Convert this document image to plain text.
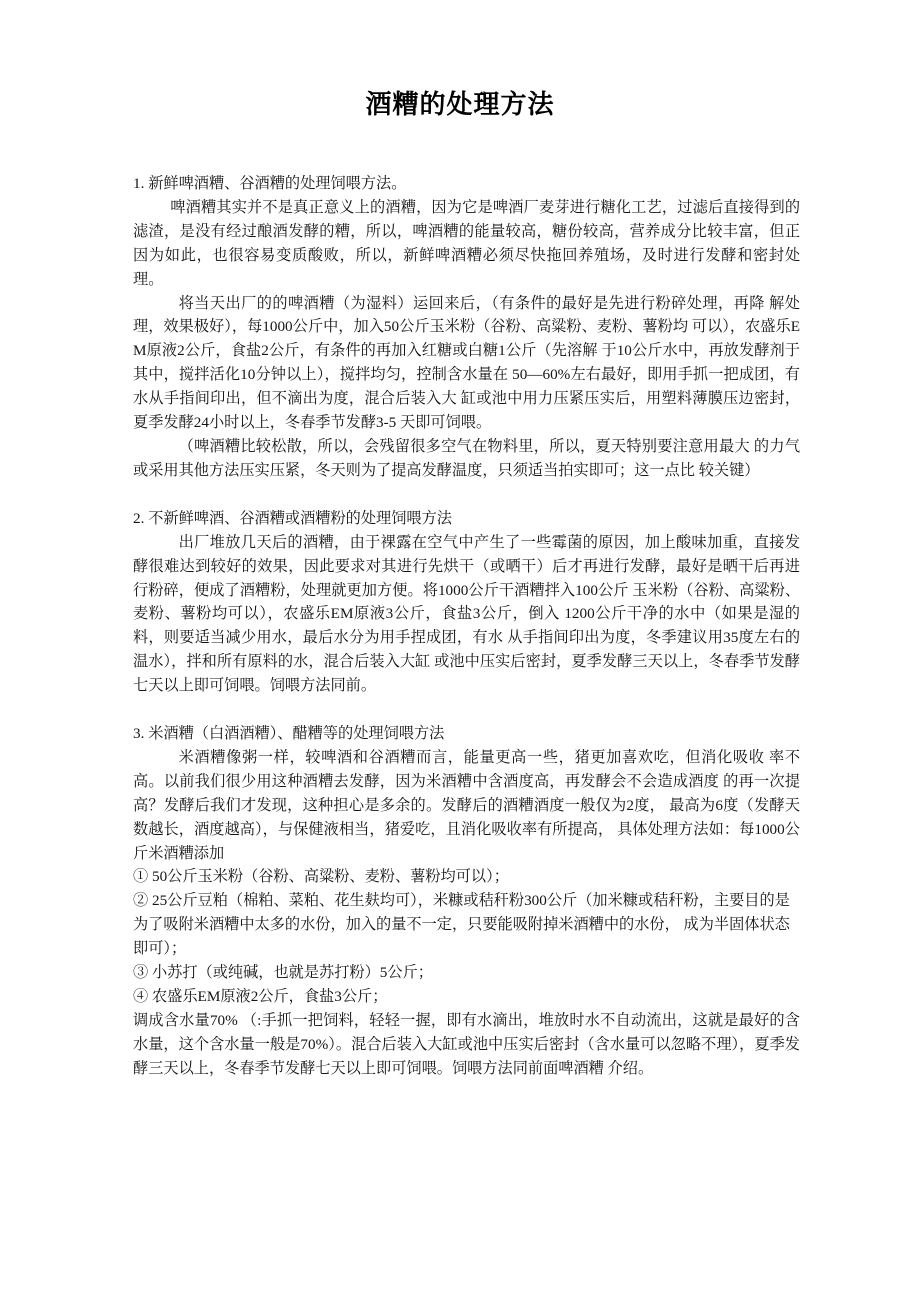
酒糟的处理方法

1. 新鲜啤酒糟、谷酒糟的处理饲喂方法。

啤酒糟其实并不是真正意义上的酒糟，因为它是啤酒厂麦芽进行糖化工艺，过滤后直接得到的滤渣，是没有经过酿酒发酵的糟，所以，啤酒糟的能量较高，糖份较高，营养成分比较丰富，但正因为如此，也很容易变质酸败，所以，新鲜啤酒糟必须尽快拖回养殖场，及时进行发酵和密封处理。

将当天出厂的的啤酒糟（为湿料）运回来后，（有条件的最好是先进行粉碎处理，再降 解处理，效果极好），每1000公斤中，加入50公斤玉米粉（谷粉、高粱粉、麦粉、薯粉均 可以），农盛乐EM原液2公斤，食盐2公斤，有条件的再加入红糖或白糖1公斤（先溶解 于10公斤水中，再放发酵剂于其中，搅拌活化10分钟以上），搅拌均匀，控制含水量在 50—60%左右最好，即用手抓一把成团，有水从手指间印出，但不滴出为度，混合后装入大 缸或池中用力压紧压实后，用塑料薄膜压边密封，夏季发酵24小时以上，冬春季节发酵3-5 天即可饲喂。

（啤酒糟比较松散，所以，会残留很多空气在物料里，所以，夏天特别要注意用最大 的力气或采用其他方法压实压紧，冬天则为了提高发酵温度，只须适当拍实即可；这一点比 较关键）

2. 不新鲜啤酒、谷酒糟或酒糟粉的处理饲喂方法

出厂堆放几天后的酒糟，由于裸露在空气中产生了一些霉菌的原因，加上酸味加重，直接发酵很难达到较好的效果，因此要求对其进行先烘干（或晒干）后才再进行发酵，最好是晒干后再进行粉碎，便成了酒糟粉，处理就更加方便。将1000公斤干酒糟拌入100公斤 玉米粉（谷粉、高粱粉、麦粉、薯粉均可以），农盛乐EM原液3公斤，食盐3公斤，倒入 1200公斤干净的水中（如果是湿的料，则要适当减少用水，最后水分为用手捏成团，有水 从手指间印出为度，冬季建议用35度左右的温水），拌和所有原料的水，混合后装入大缸 或池中压实后密封，夏季发酵三天以上，冬春季节发酵七天以上即可饲喂。饲喂方法同前。

3. 米酒糟（白酒酒糟）、醋糟等的处理饲喂方法

米酒糟像粥一样，较啤酒和谷酒糟而言，能量更高一些，猪更加喜欢吃，但消化吸收 率不高。以前我们很少用这种酒糟去发酵，因为米酒糟中含酒度高，再发酵会不会造成酒度 的再一次提高？发酵后我们才发现，这种担心是多余的。发酵后的酒糟酒度一般仅为2度， 最高为6度（发酵天数越长，酒度越高），与保健液相当，猪爱吃，且消化吸收率有所提高， 具体处理方法如：每1000公斤米酒糟添加

① 50公斤玉米粉（谷粉、高粱粉、麦粉、薯粉均可以）；

② 25公斤豆粕（棉粕、菜粕、花生麸均可），米糠或秸秆粉300公斤（加米糠或秸秆粉，主要目的是为了吸附米酒糟中太多的水份，加入的量不一定，只要能吸附掉米酒糟中的水份， 成为半固体状态即可）；

③ 小苏打（或纯碱，也就是苏打粉）5公斤；

④ 农盛乐EM原液2公斤，食盐3公斤；

调成含水量70% （:手抓一把饲料，轻轻一握，即有水滴出，堆放时水不自动流出，这就是最好的含水量，这个含水量一般是70%）。混合后装入大缸或池中压实后密封（含水量可以忽略不理），夏季发酵三天以上，冬春季节发酵七天以上即可饲喂。饲喂方法同前面啤酒糟 介绍。
